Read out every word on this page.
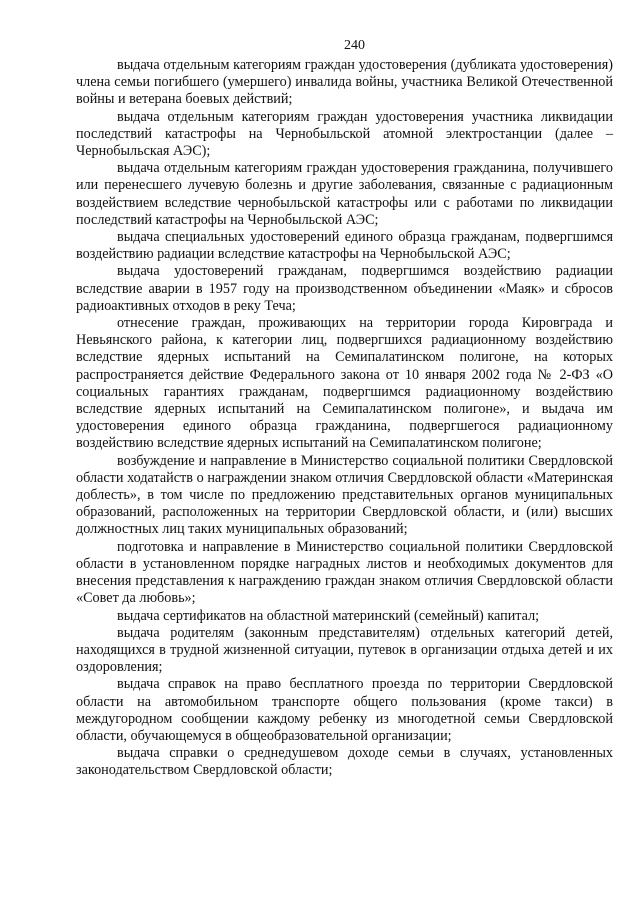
240

выдача отдельным категориям граждан удостоверения (дубликата удостоверения) члена семьи погибшего (умершего) инвалида войны, участника Великой Отечественной войны и ветерана боевых действий;

выдача отдельным категориям граждан удостоверения участника ликвидации последствий катастрофы на Чернобыльской атомной электростанции (далее – Чернобыльская АЭС);

выдача отдельным категориям граждан удостоверения гражданина, получившего или перенесшего лучевую болезнь и другие заболевания, связанные с радиационным воздействием вследствие чернобыльской катастрофы или с работами по ликвидации последствий катастрофы на Чернобыльской АЭС;

выдача специальных удостоверений единого образца гражданам, подвергшимся воздействию радиации вследствие катастрофы на Чернобыльской АЭС;

выдача удостоверений гражданам, подвергшимся воздействию радиации вследствие аварии в 1957 году на производственном объединении «Маяк» и сбросов радиоактивных отходов в реку Теча;

отнесение граждан, проживающих на территории города Кировграда и Невьянского района, к категории лиц, подвергшихся радиационному воздействию вследствие ядерных испытаний на Семипалатинском полигоне, на которых распространяется действие Федерального закона от 10 января 2002 года № 2-ФЗ «О социальных гарантиях гражданам, подвергшимся радиационному воздействию вследствие ядерных испытаний на Семипалатинском полигоне», и выдача им удостоверения единого образца гражданина, подвергшегося радиационному воздействию вследствие ядерных испытаний на Семипалатинском полигоне;

возбуждение и направление в Министерство социальной политики Свердловской области ходатайств о награждении знаком отличия Свердловской области «Материнская доблесть», в том числе по предложению представительных органов муниципальных образований, расположенных на территории Свердловской области, и (или) высших должностных лиц таких муниципальных образований;

подготовка и направление в Министерство социальной политики Свердловской области в установленном порядке наградных листов и необходимых документов для внесения представления к награждению граждан знаком отличия Свердловской области «Совет да любовь»;

выдача сертификатов на областной материнский (семейный) капитал;

выдача родителям (законным представителям) отдельных категорий детей, находящихся в трудной жизненной ситуации, путевок в организации отдыха детей и их оздоровления;

выдача справок на право бесплатного проезда по территории Свердловской области на автомобильном транспорте общего пользования (кроме такси) в междугородном сообщении каждому ребенку из многодетной семьи Свердловской области, обучающемуся в общеобразовательной организации;

выдача справки о среднедушевом доходе семьи в случаях, установленных законодательством Свердловской области;
